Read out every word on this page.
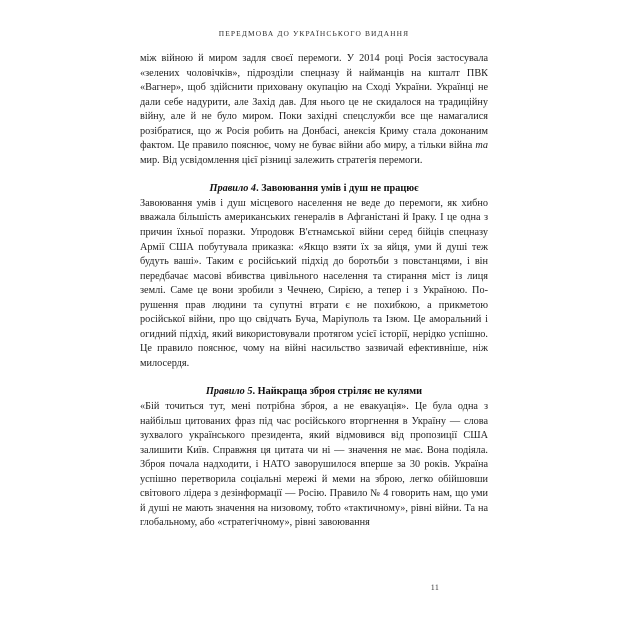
ПЕРЕДМОВА ДО УКРАЇНСЬКОГО ВИДАННЯ

між війною й миром задля своєї перемоги. У 2014 році Росія застосувала «зелених чоловічків», підрозділи спецназу й найманців на кшталт ПВК «Вагнер», щоб здійснити приховану окупацію на Сході України. Українці не дали себе надурити, але Захід дав. Для нього це не скидалося на традиційну війну, але й не було миром. Поки західні спецслужби все ще намагалися розібратися, що ж Росія робить на Донбасі, анексія Криму стала доконаним фактом. Це правило пояснює, чому не буває війни або миру, а тільки війна та мир. Від усвідомлення цієї різниці залежить стратегія перемоги.

Правило 4. Завоювання умів і душ не працює

Завоювання умів і душ місцевого населення не веде до перемоги, як хибно вважала більшість американських генералів в Афганістані й Іраку. І це одна з причин їхньої поразки. Упродовж В'єтнамської війни серед бійців спецназу Армії США побутувала приказка: «Якщо взяти їх за яйця, уми й душі теж будуть ваші». Таким є російський підхід до боротьби з повстанцями, і він передбачає масові вбивства цивільного населення та стирання міст із лиця землі. Саме це вони зробили з Чечнею, Сирією, а тепер і з Україною. Порушення прав людини та супутні втрати є не похибкою, а прикметою російської війни, про що свідчать Буча, Маріуполь та Ізюм. Це аморальний і огидний підхід, який використовували протягом усієї історії, нерідко успішно. Це правило пояснює, чому на війні насильство зазвичай ефективніше, ніж милосердя.

Правило 5. Найкраща зброя стріляє не кулями

«Бій точиться тут, мені потрібна зброя, а не евакуація». Це була одна з найбільш цитованих фраз під час російського вторгнення в Україну — слова зухвалого українського президента, який відмовився від пропозиції США залишити Київ. Справжня ця цитата чи ні — значення не має. Вона подіяла. Зброя почала надходити, і НАТО заворушилося вперше за 30 років. Україна успішно перетворила соціальні мережі й меми на зброю, легко обійшовши світового лідера з дезінформації — Росію. Правило № 4 говорить нам, що уми й душі не мають значення на низовому, тобто «тактичному», рівні війни. Та на глобальному, або «стратегічному», рівні завоювання

11
